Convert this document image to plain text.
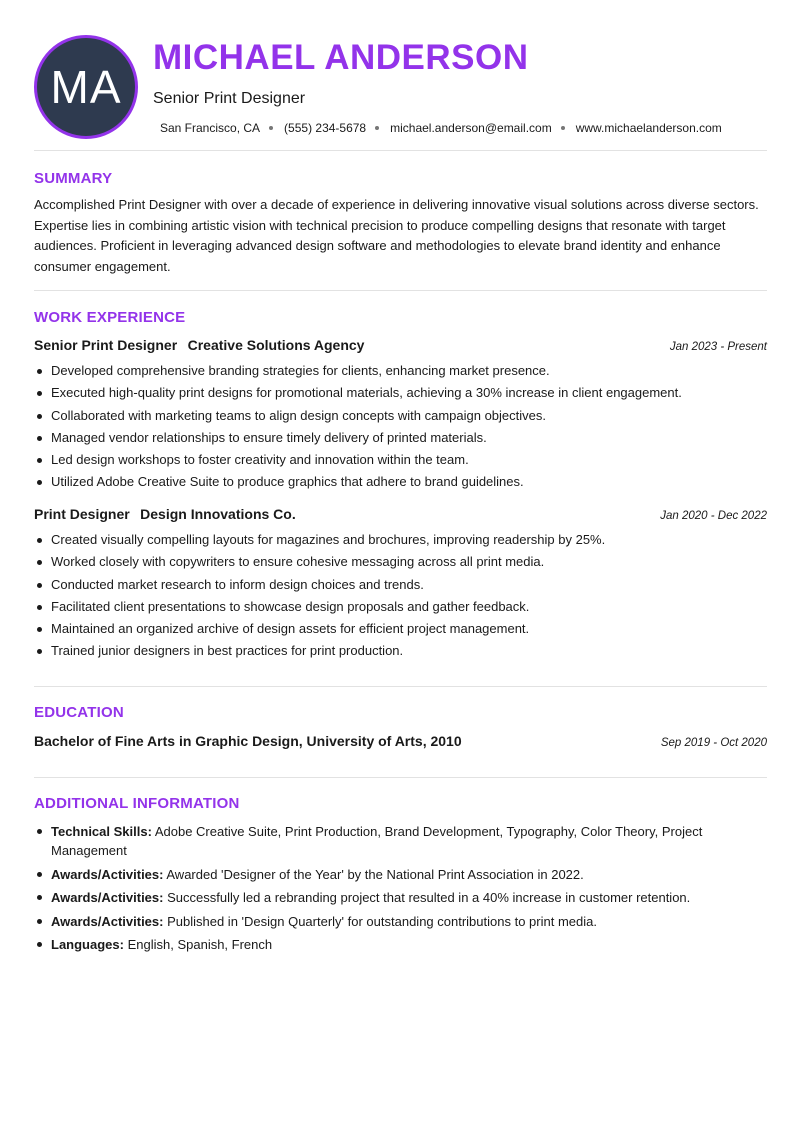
MA
MICHAEL ANDERSON
Senior Print Designer
San Francisco, CA (555) 234-5678 michael.anderson@email.com www.michaelanderson.com
SUMMARY

Accomplished Print Designer with over a decade of experience in delivering innovative visual solutions across diverse sectors. Expertise lies in combining artistic vision with technical precision to produce compelling designs that resonate with target audiences. Proficient in leveraging advanced design software and methodologies to elevate brand identity and enhance consumer engagement.

WORK EXPERIENCE
Senior Print Designer Creative Solutions Agency	Jan 2023 - Present
Developed comprehensive branding strategies for clients, enhancing market presence.
Executed high-quality print designs for promotional materials, achieving a 30% increase in client engagement.
Collaborated with marketing teams to align design concepts with campaign objectives.
Managed vendor relationships to ensure timely delivery of printed materials.
Led design workshops to foster creativity and innovation within the team.
Utilized Adobe Creative Suite to produce graphics that adhere to brand guidelines.
Print Designer Design Innovations Co.	Jan 2020 - Dec 2022
Created visually compelling layouts for magazines and brochures, improving readership by 25%.
Worked closely with copywriters to ensure cohesive messaging across all print media.
Conducted market research to inform design choices and trends.
Facilitated client presentations to showcase design proposals and gather feedback.
Maintained an organized archive of design assets for efficient project management.
Trained junior designers in best practices for print production.
EDUCATION
Bachelor of Fine Arts in Graphic Design, University of Arts, 2010	Sep 2019 - Oct 2020
ADDITIONAL INFORMATION
Technical Skills: Adobe Creative Suite, Print Production, Brand Development, Typography, Color Theory, Project Management
Awards/Activities: Awarded 'Designer of the Year' by the National Print Association in 2022.
Awards/Activities: Successfully led a rebranding project that resulted in a 40% increase in customer retention.
Awards/Activities: Published in 'Design Quarterly' for outstanding contributions to print media.
Languages: English, Spanish, French
